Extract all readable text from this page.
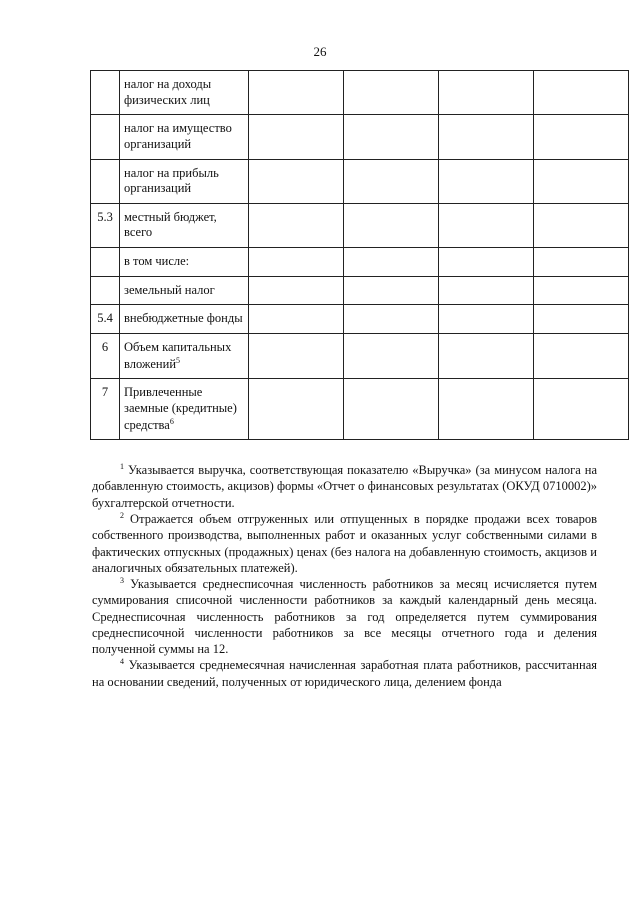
26
	налог на доходы физических лиц				
	налог на имущество организаций				
	налог на прибыль организаций				
5.3	местный бюджет, всего				
	в том числе:				
	земельный налог				
5.4	внебюджетные фонды				
6	Объем капитальных вложений$^5$				
7	Привлеченные заемные (кредитные) средства$^6$				

$^1$ Указывается выручка, соответствующая показателю «Выручка» (за минусом налога на добавленную стоимость, акцизов) формы «Отчет о финансовых результатах (ОКУД 0710002)» бухгалтерской отчетности.

$^2$ Отражается объем отгруженных или отпущенных в порядке продажи всех товаров собственного производства, выполненных работ и оказанных услуг собственными силами в фактических отпускных (продажных) ценах (без налога на добавленную стоимость, акцизов и аналогичных обязательных платежей).

$^3$ Указывается среднесписочная численность работников за месяц исчисляется путем суммирования списочной численности работников за каждый календарный день месяца. Среднесписочная численность работников за год определяется путем суммирования среднесписочной численности работников за все месяцы отчетного года и деления полученной суммы на 12.

$^4$ Указывается среднемесячная начисленная заработная плата работников, рассчитанная на основании сведений, полученных от юридического лица, делением фонда
